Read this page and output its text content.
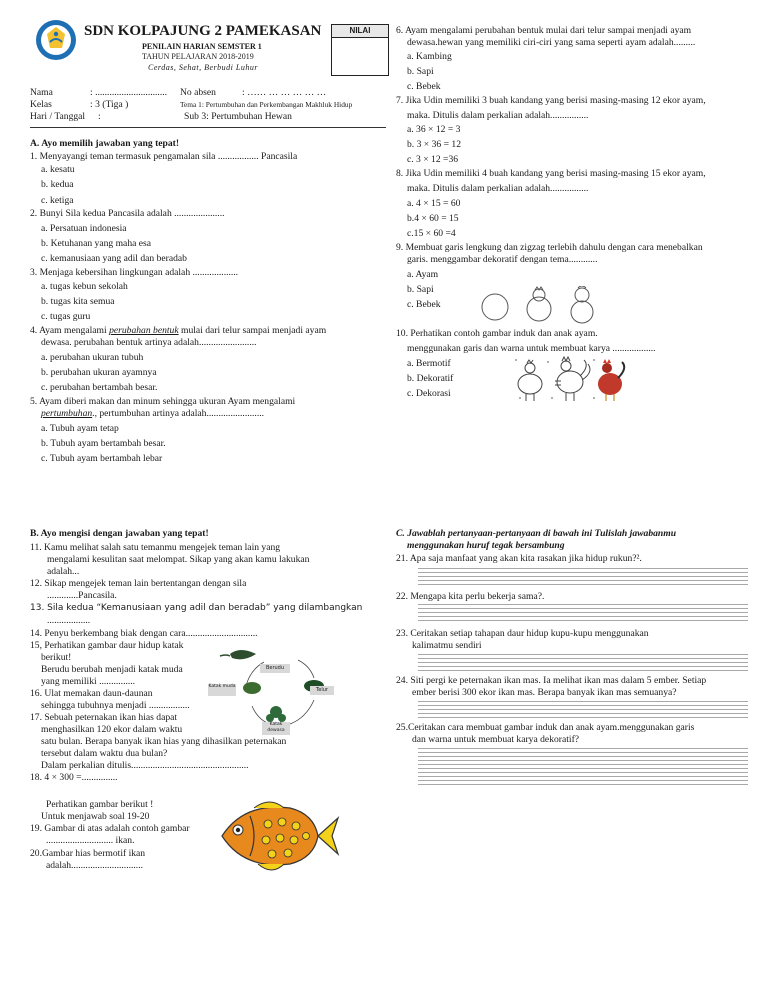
SDN KOLPAJUNG 2 PAMEKASAN
PENILAIN HARIAN SEMSTER 1
TAHUN PELAJARAN 2018-2019
Cerdas, Sehat, Berbudi Luhur
NILAI
Nama	: .............................. No absen	: …… … … … … …
Kelas	: 3 (Tiga )	Tema 1: Pertumbuhan dan Perkembangan Makhluk Hidup
Hari / Tanggal :	Sub 3: Pertumbuhan Hewan
A. Ayo memilih jawaban yang tepat!
1. Menyayangi teman termasuk pengamalan sila ................. Pancasila
a. kesatu
b. kedua
c. ketiga
2. Bunyi Sila kedua Pancasila adalah .....................
a. Persatuan indonesia
b. Ketuhanan yang maha esa
c. kemanusiaan yang adil dan beradab
3. Menjaga kebersihan lingkungan adalah ...................
a. tugas kebun sekolah
b. tugas kita semua
c. tugas guru
4. Ayam mengalami perubahan bentuk mulai dari telur sampai menjadi ayam
dewasa. perubahan bentuk artinya adalah........................
a. perubahan ukuran tubuh
b. perubahan ukuran ayamnya
c. perubahan bertambah besar.
5. Ayam diberi makan dan minum sehingga ukuran Ayam mengalami
pertumbuhan., pertumbuhan artinya adalah........................
a. Tubuh ayam tetap
b. Tubuh ayam bertambah besar.
c. Tubuh ayam bertambah lebar
6. Ayam mengalami perubahan bentuk mulai dari telur sampai menjadi ayam
dewasa.hewan yang memiliki ciri-ciri yang sama seperti ayam adalah.........
a. Kambing
b. Sapi
c. Bebek
7. Jika Udin memiliki 3 buah kandang yang berisi masing-masing 12 ekor ayam,
maka. Ditulis dalam perkalian adalah................
a. 36 × 12 = 3
b. 3 × 36 = 12
c. 3 × 12 =36
8. Jika Udin memiliki 4 buah kandang yang berisi masing-masing 15 ekor ayam,
maka. Ditulis dalam perkalian adalah................
a. 4 × 15 = 60
b.4 × 60 = 15
c.15 × 60 =4
9. Membuat garis lengkung dan zigzag terlebih dahulu dengan cara menebalkan
garis. menggambar dekoratif dengan tema............
a. Ayam
b. Sapi
c. Bebek
10. Perhatikan contoh gambar induk dan anak ayam.
menggunakan garis dan warna untuk membuat karya ..................
a. Bermotif
b. Dekoratif
c. Dekorasi
B. Ayo mengisi dengan jawaban yang tepat!
11. Kamu melihat salah satu temanmu mengejek teman lain yang
mengalami kesulitan saat melompat. Sikap yang akan kamu lakukan
adalah...
12. Sikap mengejek teman lain bertentangan dengan sila
.............Pancasila.
13. Sila kedua “Kemanusiaan yang adil dan beradab” yang dilambangkan
..................
14. Penyu berkembang biak dengan cara..............................
15, Perhatikan gambar daur hidup katak
berikut!
Berudu berubah menjadi katak muda
yang memiliki ...............
16. Ulat memakan daun-daunan
sehingga tubuhnya menjadi .................
17. Sebuah peternakan ikan hias dapat
menghasilkan 120 ekor dalam waktu
satu bulan. Berapa banyak ikan hias yang dihasilkan peternakan
tersebut dalam waktu dua bulan?
Dalam perkalian ditulis.................................................
18. 4 × 300 =...............
Berudu
Katak muda
Telur
Katak dewasa
Perhatikan gambar berikut !
Untuk menjawab soal 19-20
19. Gambar di atas adalah contoh gambar
............................ ikan.
20.Gambar hias bermotif ikan
adalah..............................
C. Jawablah pertanyaan-pertanyaan di bawah ini Tulislah jawabanmu
menggunakan huruf tegak bersambung
21. Apa saja manfaat yang akan kita rasakan jika hidup rukun?².
22. Mengapa kita perlu bekerja sama?.
23. Ceritakan setiap tahapan daur hidup kupu-kupu menggunakan
kalimatmu sendiri
24. Siti pergi ke peternakan ikan mas. Ia melihat ikan mas dalam 5 ember. Setiap
ember berisi 300 ekor ikan mas. Berapa banyak ikan mas semuanya?
25.Ceritakan cara membuat gambar induk dan anak ayam.menggunakan garis
dan warna untuk membuat karya dekoratif?
